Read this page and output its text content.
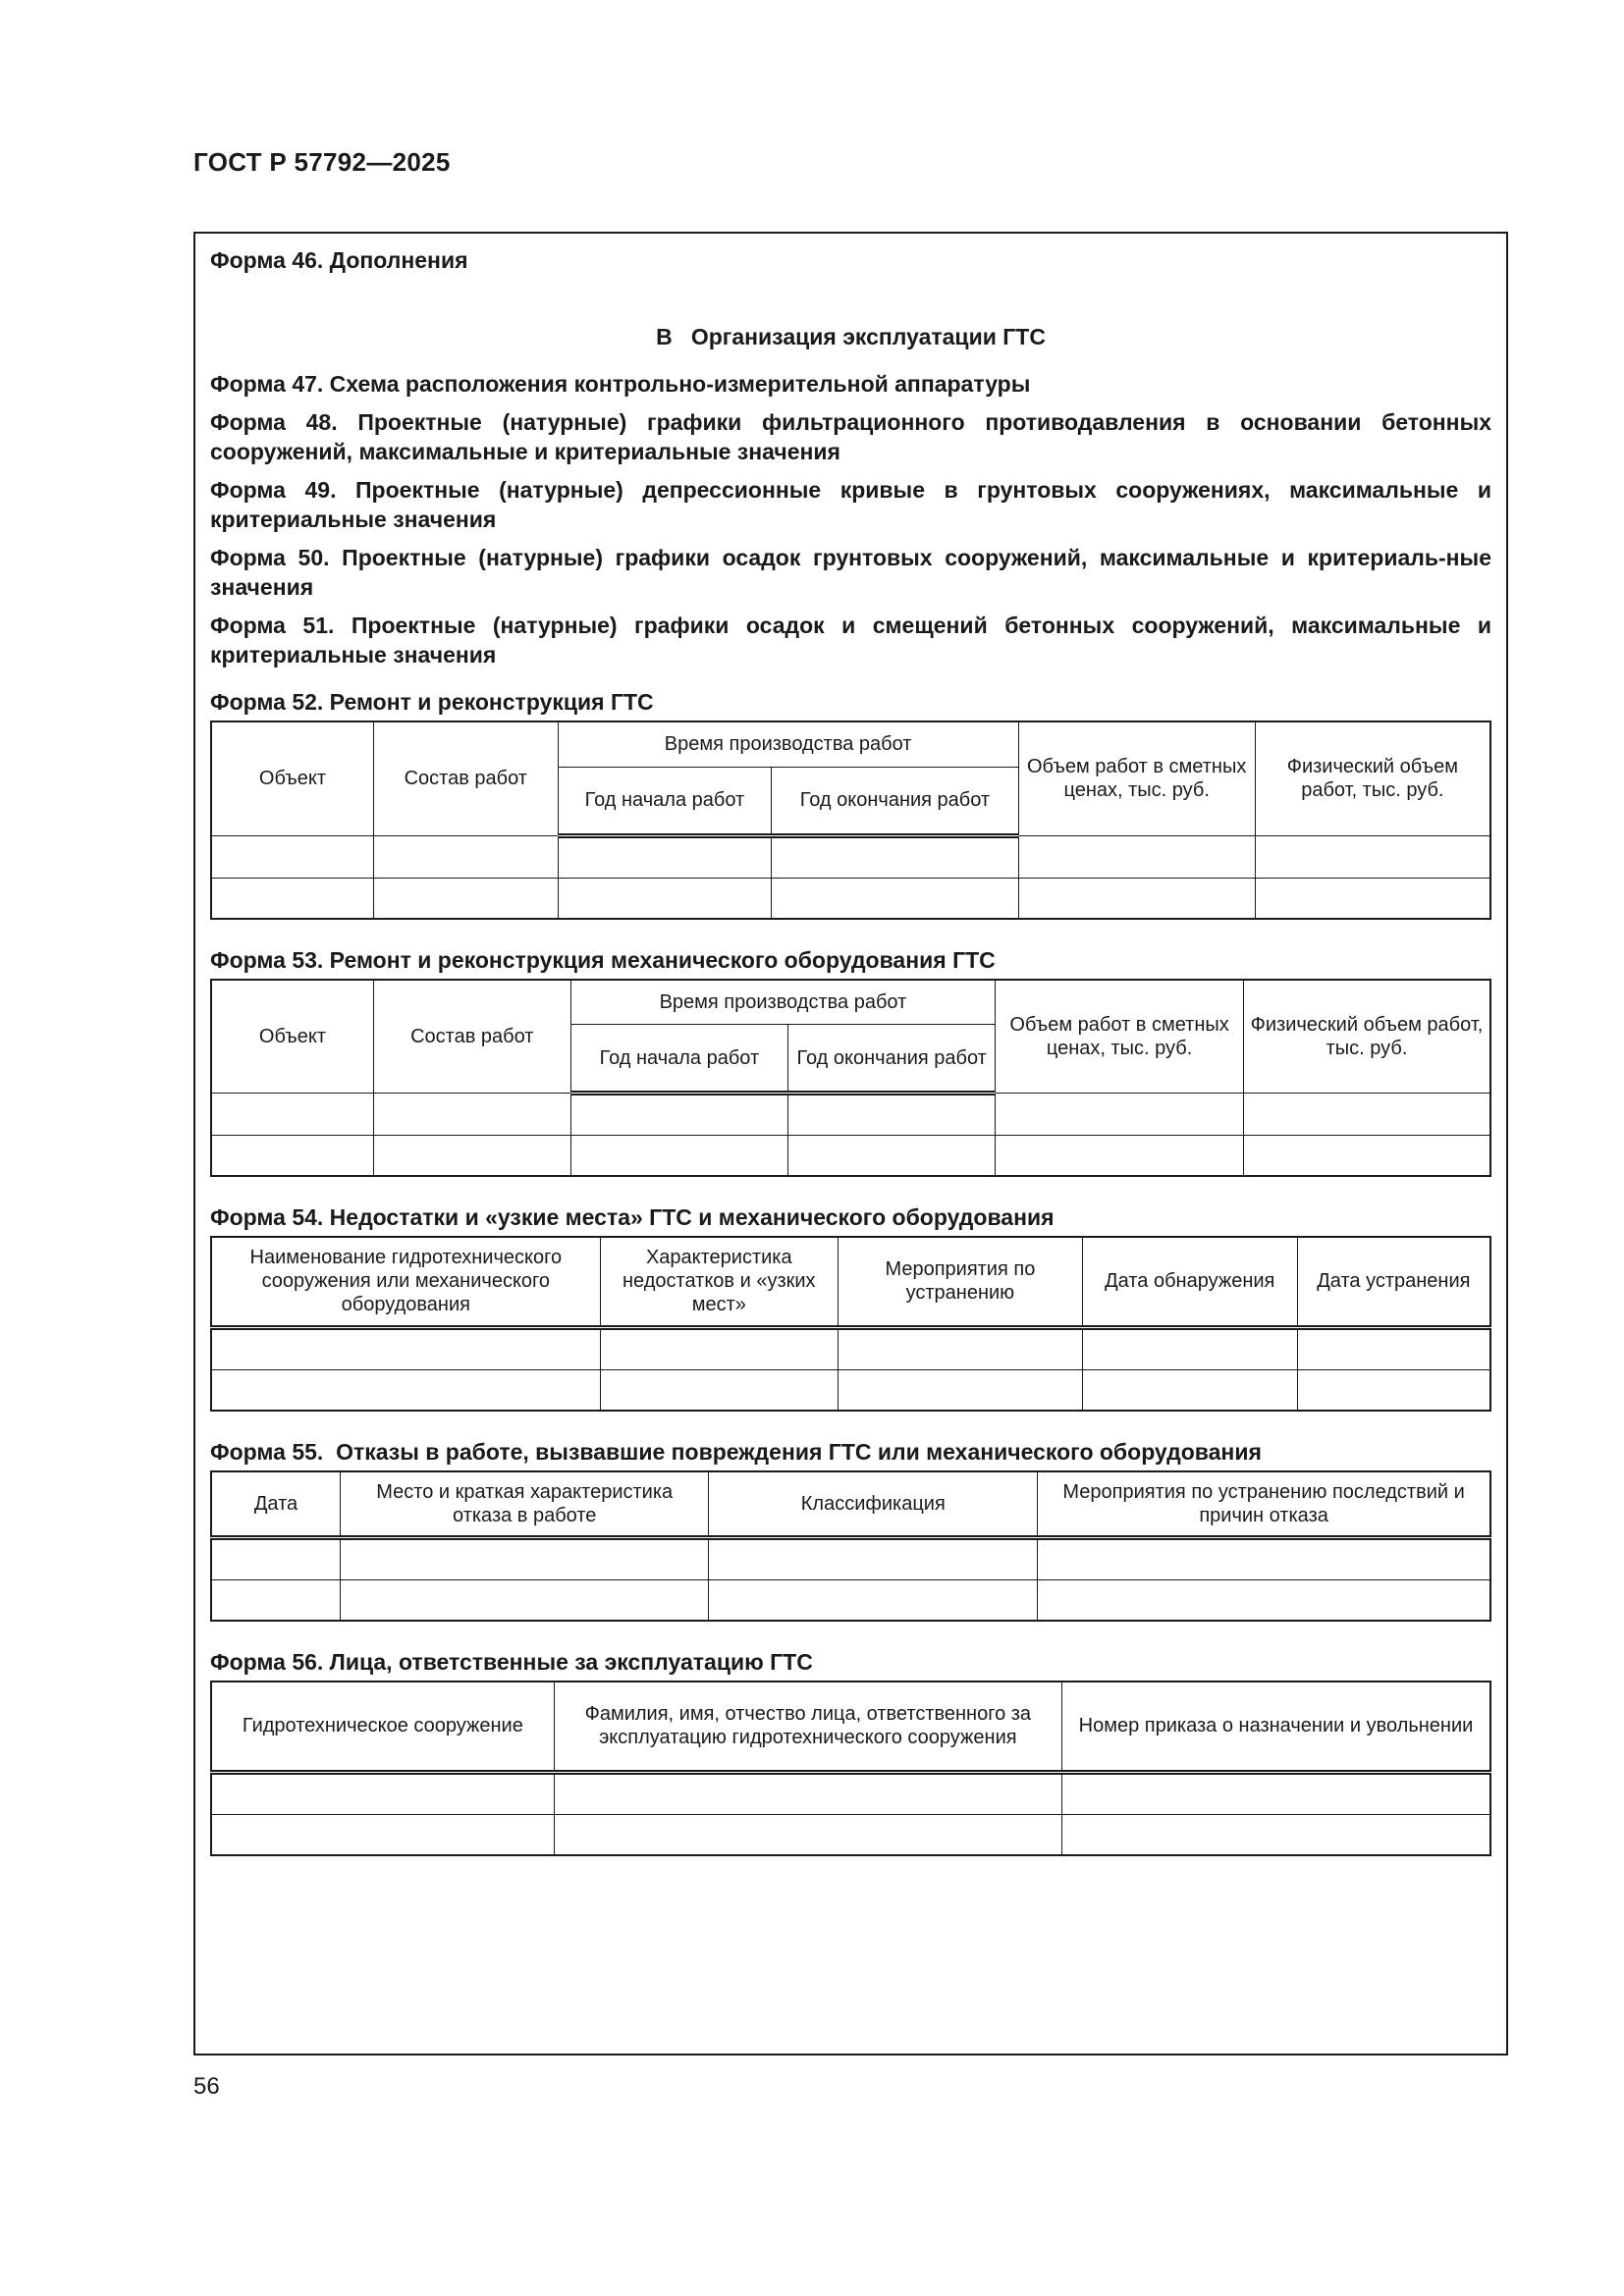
ГОСТ Р 57792—2025
Форма 46. Дополнения
В   Организация эксплуатации ГТС
Форма 47. Схема расположения контрольно-измерительной аппаратуры
Форма 48. Проектные (натурные) графики фильтрационного противодавления в основании бетонных сооружений, максимальные и критериальные значения
Форма 49. Проектные (натурные) депрессионные кривые в грунтовых сооружениях, максимальные и критериальные значения
Форма 50. Проектные (натурные) графики осадок грунтовых сооружений, максимальные и критериаль-ные значения
Форма 51. Проектные (натурные) графики осадок и смещений бетонных сооружений, максимальные и критериальные значения
Форма 52. Ремонт и реконструкция ГТС
Объект	Состав работ	Время производства работ		Объем работ в сметных ценах, тыс. руб.	Физический объем работ, тыс. руб.
		Год начала работ	Год окончания работ		

Форма 53. Ремонт и реконструкция механического оборудования ГТС
Объект	Состав работ	Время производства работ		Объем работ в сметных ценах, тыс. руб.	Физический объем работ, тыс. руб.
		Год начала работ	Год окончания работ		

Форма 54. Недостатки и «узкие места» ГТС и механического оборудования
Наименование гидротехнического сооружения или механического оборудования	Характеристика недостатков и «узких мест»	Мероприятия по устранению	Дата обнаружения	Дата устранения

Форма 55.  Отказы в работе, вызвавшие повреждения ГТС или механического оборудования
Дата	Место и краткая характеристика отказа в работе	Классификация	Мероприятия по устранению последствий и причин отказа

Форма 56. Лица, ответственные за эксплуатацию ГТС
Гидротехническое сооружение	Фамилия, имя, отчество лица, ответственного за эксплуатацию гидротехнического сооружения	Номер приказа о назначении и увольнении

56
